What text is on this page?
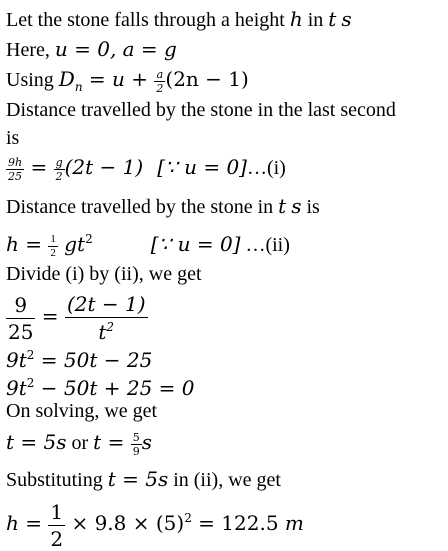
Let the stone falls through a height h in t s
Here, u = 0, a = g
Using $D_n = u + \frac{a}{2} (2n - 1)$
Distance travelled by the stone in the last second
is
$\frac{9h}{25} = \frac{g}{2} (2t - 1)$ [∵ u = 0]…(i)
Distance travelled by the stone in t s is
$h = \frac{1}{2} gt^2$	[∵ u = 0] …(ii)
Divide (i) by (ii), we get
$\frac{9}{25} = \frac{(2t - 1)}{t^2}$
$9t^2 = 50t - 25$
$9t^2 - 50t + 25 = 0$
On solving, we get
t = 5s or $t = \frac{5}{9}$ s
Substituting t = 5s in (ii), we get
$h = \frac{1}{2} \times 9.8 \times (5)^2 = 122.5$ m
